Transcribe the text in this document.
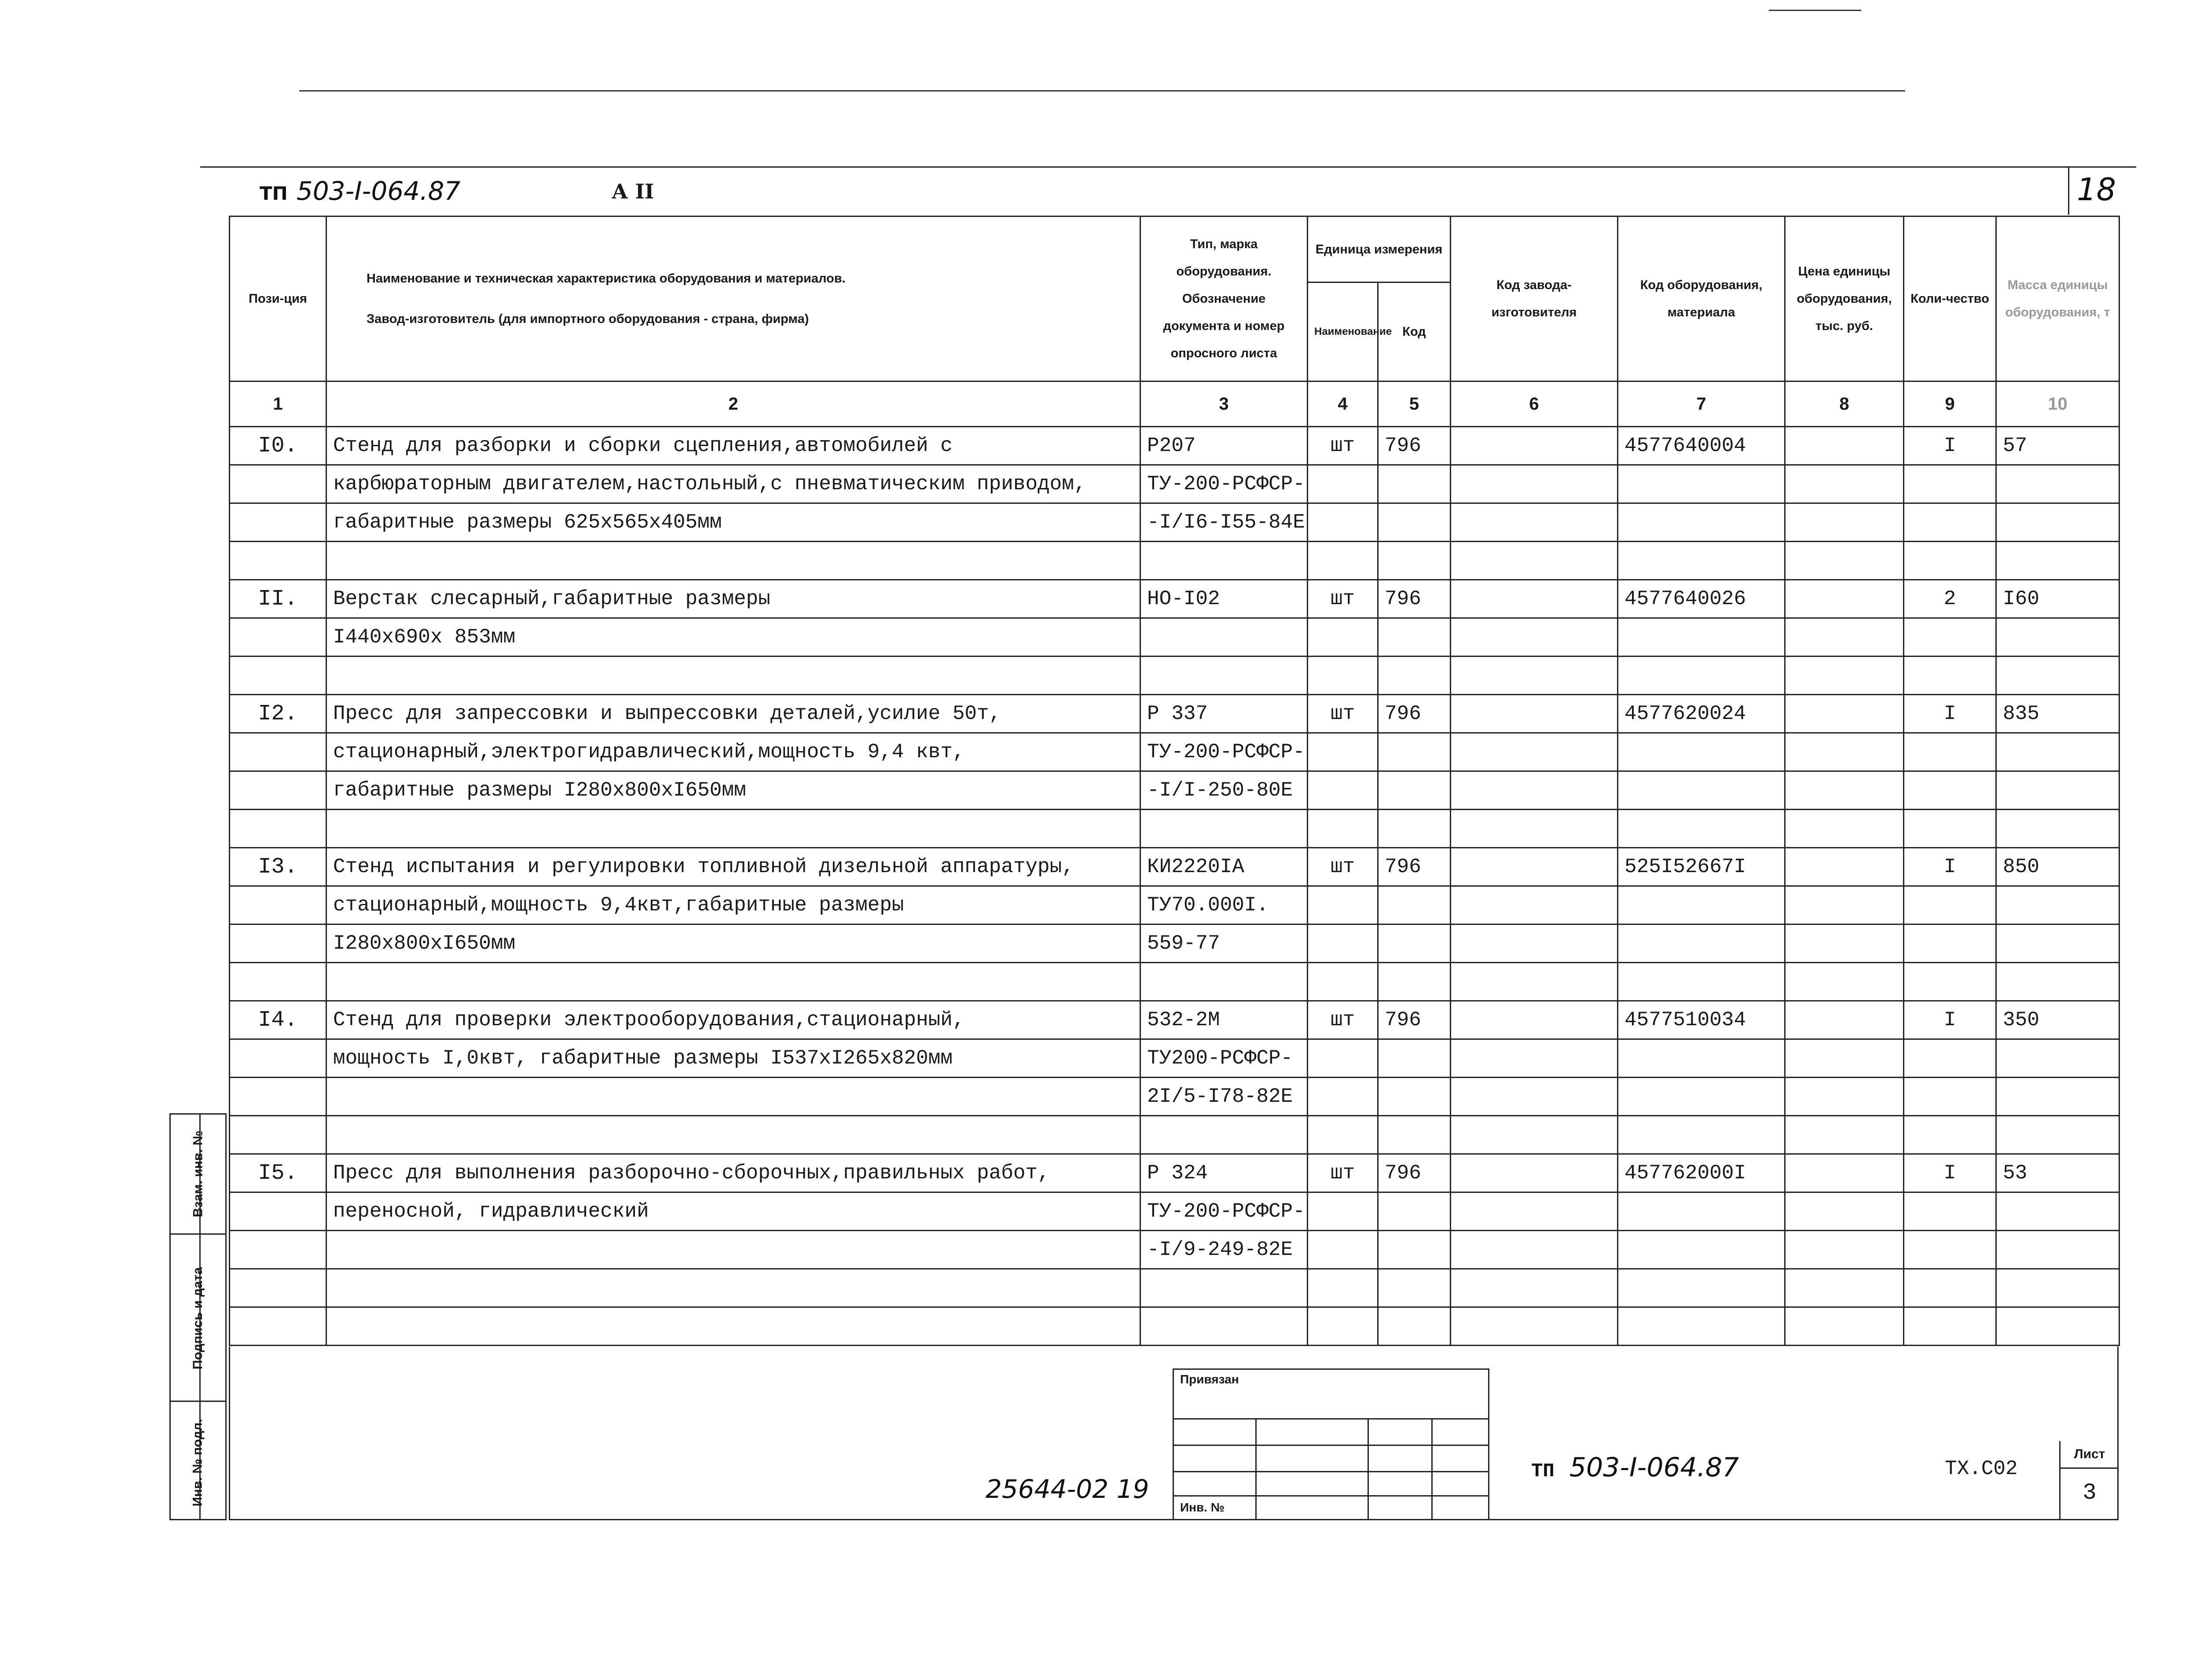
ТП 503-I-064.87	А II	18
Пози-ция	Наименование и техническая характеристика оборудования и материалов.
Завод-изготовитель (для импортного оборудования - страна, фирма)	Тип, марка оборудования. Обозначение документа и номер опросного листа	Единица измерения		Код завода-изготовителя	Код оборудования, материала	Цена единицы оборудования, тыс. руб.	Коли-чество	Масса единицы оборудования, т
			Наименование	Код					
1	2	3	4	5	6	7	8	9	10
I0.	Стенд для разборки и сборки сцепления,автомобилей с	Р207	шт	796		4577640004		I	57
	карбюраторным двигателем,настольный,с пневматическим приводом,	ТУ-200-РСФСР-							
	габаритные размеры 625х565х405мм	-I/I6-I55-84Е							

II.	Верстак слесарный,габаритные размеры	НО-I02	шт	796		4577640026		2	I60
	I440х690х 853мм								

I2.	Пресс для запрессовки и выпрессовки деталей,усилие 50т,	Р 337	шт	796		4577620024		I	835
	стационарный,электрогидравлический,мощность 9,4 квт,	ТУ-200-РСФСР-							
	габаритные размеры I280х800хI650мм	-I/I-250-80Е							

I3.	Стенд испытания и регулировки топливной дизельной аппаратуры,	КИ2220IА	шт	796		525I52667I		I	850
	стационарный,мощность 9,4квт,габаритные размеры	ТУ70.000I.							
	I280х800хI650мм	559-77							

I4.	Стенд для проверки электрооборудования,стационарный,	532-2М	шт	796		4577510034		I	350
	мощность I,0квт, габаритные размеры I537хI265х820мм	ТУ200-РСФСР-							
		2I/5-I78-82Е							

I5.	Пресс для выполнения разборочно-сборочных,правильных работ,	Р 324	шт	796		457762000I		I	53
	переносной, гидравлический	ТУ-200-РСФСР-							
		-I/9-249-82Е							

Взам. инв. №
Подпись и дата
Инв. № подл.
Привязан
Инв. №
25644-02 19
ТП 503-I-064.87	ТХ.С02
Лист
3
